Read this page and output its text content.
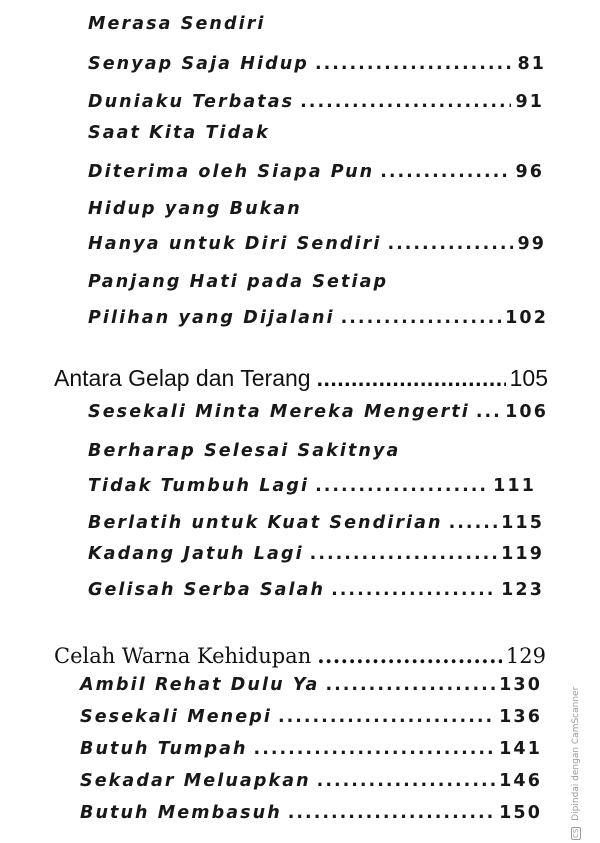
Merasa Sendiri
Senyap Saja Hidup .....	81
Duniaku Terbatas .....	91
Saat Kita Tidak
Diterima oleh Siapa Pun .....	96
Hidup yang Bukan
Hanya untuk Diri Sendiri .....	99
Panjang Hati pada Setiap
Pilihan yang Dijalani .....	102
Antara Gelap dan Terang .....	105
Sesekali Minta Mereka Mengerti ..... 106
Berharap Selesai Sakitnya
Tidak Tumbuh Lagi .....	111
Berlatih untuk Kuat Sendirian .....	115
Kadang Jatuh Lagi .....	119
Gelisah Serba Salah .....	123
Celah Warna Kehidupan .....	129
Ambil Rehat Dulu Ya .....	130
Sesekali Menepi .....	136
Butuh Tumpah .....	141
Sekadar Meluapkan .....	146
Butuh Membasuh .....	150
CS Dipindai dengan CamScanner
